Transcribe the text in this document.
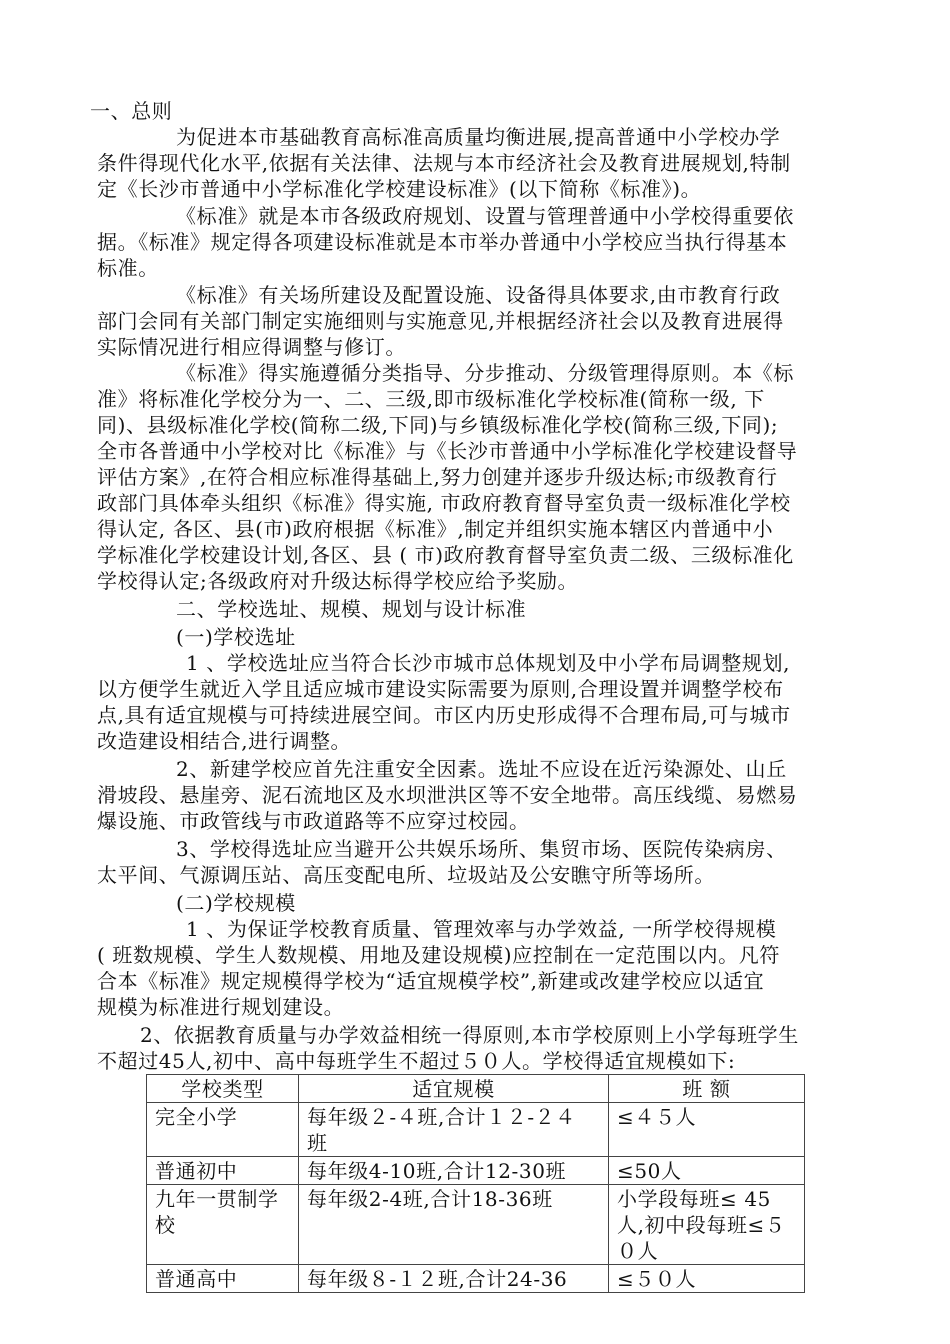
一、总则
为促进本市基础教育高标准高质量均衡进展,提高普通中小学校办学
条件得现代化水平,依据有关法律、法规与本市经济社会及教育进展规划,特制
定《长沙市普通中小学标准化学校建设标准》(以下简称《标准》)。
《标准》就是本市各级政府规划、设置与管理普通中小学校得重要依
据。《标准》规定得各项建设标准就是本市举办普通中小学校应当执行得基本
标准。
《标准》有关场所建设及配置设施、设备得具体要求,由市教育行政
部门会同有关部门制定实施细则与实施意见,并根据经济社会以及教育进展得
实际情况进行相应得调整与修订。
《标准》得实施遵循分类指导、分步推动、分级管理得原则。本《标
准》将标准化学校分为一、二、三级,即市级标准化学校标准(简称一级, 下
同)、县级标准化学校(简称二级,下同)与乡镇级标准化学校(简称三级,下同);
全市各普通中小学校对比《标准》与《长沙市普通中小学标准化学校建设督导
评估方案》,在符合相应标准得基础上,努力创建并逐步升级达标;市级教育行
政部门具体牵头组织《标准》得实施, 市政府教育督导室负责一级标准化学校
得认定, 各区、县(市)政府根据《标准》,制定并组织实施本辖区内普通中小
学标准化学校建设计划,各区、县 ( 市)政府教育督导室负责二级、三级标准化
学校得认定;各级政府对升级达标得学校应给予奖励。
二、学校选址、规模、规划与设计标准
(一)学校选址
1 、学校选址应当符合长沙市城市总体规划及中小学布局调整规划,
以方便学生就近入学且适应城市建设实际需要为原则,合理设置并调整学校布
点,具有适宜规模与可持续进展空间。市区内历史形成得不合理布局,可与城市
改造建设相结合,进行调整。
2、新建学校应首先注重安全因素。选址不应设在近污染源处、山丘
滑坡段、悬崖旁、泥石流地区及水坝泄洪区等不安全地带。高压线缆、易燃易
爆设施、市政管线与市政道路等不应穿过校园。
3、学校得选址应当避开公共娱乐场所、集贸市场、医院传染病房、
太平间、气源调压站、高压变配电所、垃圾站及公安瞧守所等场所。
(二)学校规模
1 、为保证学校教育质量、管理效率与办学效益, 一所学校得规模
( 班数规模、学生人数规模、用地及建设规模)应控制在一定范围以内。凡符
合本《标准》规定规模得学校为“适宜规模学校”,新建或改建学校应以适宜
规模为标准进行规划建设。
2、依据教育质量与办学效益相统一得原则,本市学校原则上小学每班学生
不超过45人,初中、高中每班学生不超过５０人。学校得适宜规模如下:
学校类型	适宜规模	班 额
完全小学	每年级２-４班,合计１２-２４
班	≤４５人
普通初中	每年级4-10班,合计12-30班	≤50人
九年一贯制学
校	每年级2-4班,合计18-36班	小学段每班≤ 45
人,初中段每班≤５
０人
普通高中	每年级８-１２班,合计24-36	≤５０人
